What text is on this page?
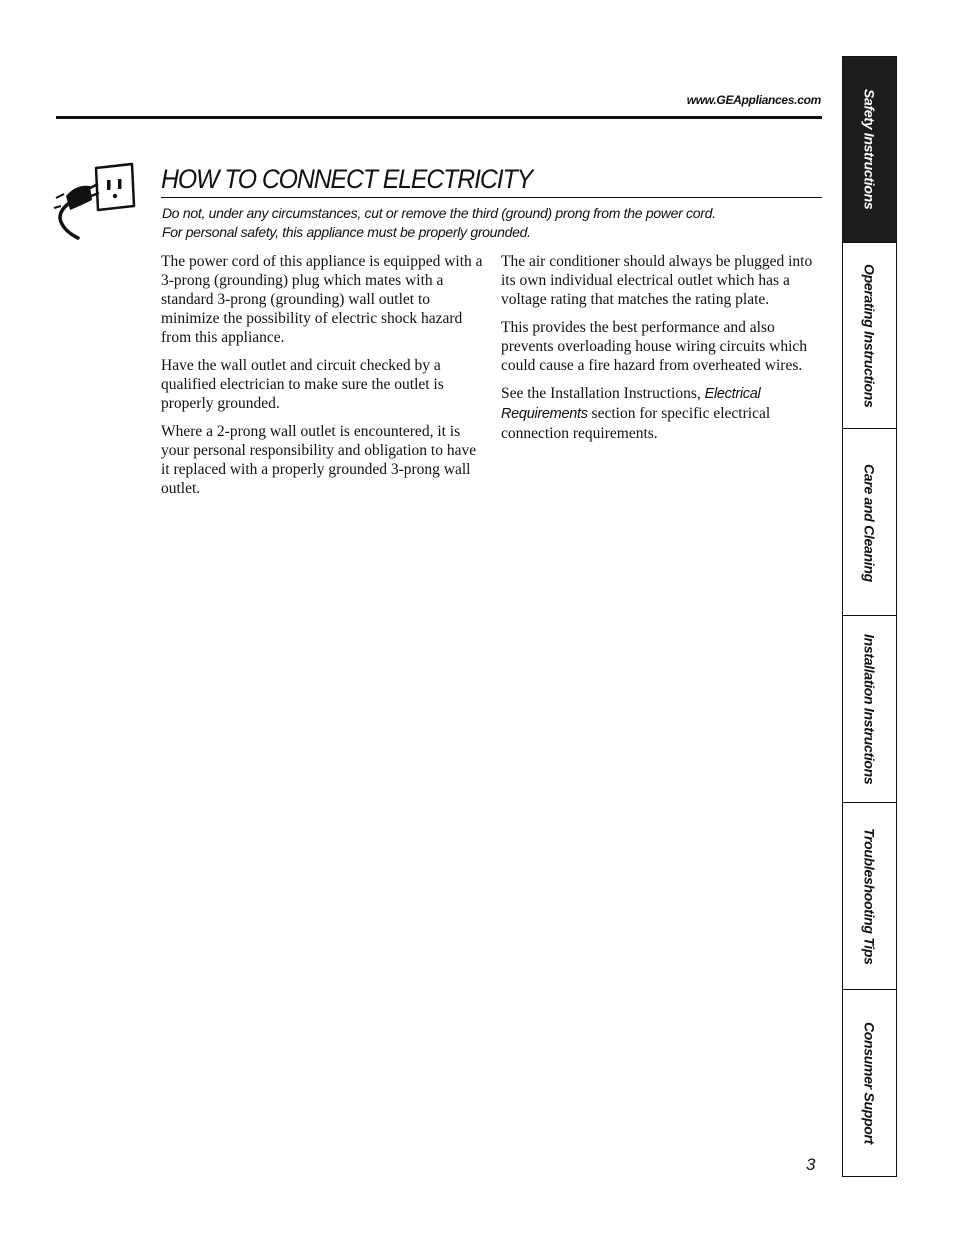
www.GEAppliances.com
HOW TO CONNECT ELECTRICITY

Do not, under any circumstances, cut or remove the third (ground) prong from the power cord.

For personal safety, this appliance must be properly grounded.

The power cord of this appliance is equipped with a 3-prong (grounding) plug which mates with a standard 3-prong (grounding) wall outlet to minimize the possibility of electric shock hazard from this appliance.

Have the wall outlet and circuit checked by a qualified electrician to make sure the outlet is properly grounded.

Where a 2-prong wall outlet is encountered, it is your personal responsibility and obligation to have it replaced with a properly grounded 3-prong wall outlet.

The air conditioner should always be plugged into its own individual electrical outlet which has a voltage rating that matches the rating plate.

This provides the best performance and also prevents overloading house wiring circuits which could cause a fire hazard from overheated wires.

See the Installation Instructions, Electrical Requirements section for specific electrical connection requirements.

3
Safety Instructions
Operating Instructions
Care and Cleaning
Installation Instructions
Troubleshooting Tips
Consumer Support
